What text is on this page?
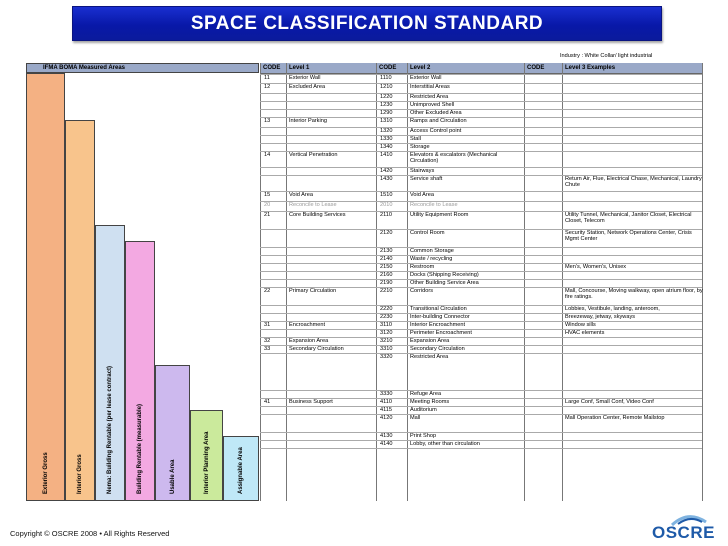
SPACE CLASSIFICATION STANDARD
Industry : White Collar/ light industrial
IFMA BOMA Measured Areas
Exterior Gross	Interior Gross	Nema: Building Rentable (per lease contract)	Building Rentable (measurable)	Usable Area	Interior Planning Area	Assignable Area
CODE Level 1	CODE Level 2	CODE	Level 3 Examples
11	Exterior Wall	1110	Exterior Wall
12	Excluded Area	1210	Interstitial Areas
1220	Restricted Area
1230	Unimproved Shell
1290	Other Excluded Area
13	Interior Parking	1310	Ramps and Circulation
1320	Access Control point
1330	Stall
1340	Storage
14	Vertical Penetration	1410	Elevators & escalators (Mechanical Circulation)
1420	Stairways
1430	Service shaft	Return Air, Flue, Electrical Chase, Mechanical, Laundry Chute
15	Void Area	1510	Void Area
20	Reconcile to Lease	2010	Reconcile to Lease
21	Core Building Services	2110	Utility Equipment Room	Utility Tunnel, Mechanical, Janitor Closet, Electrical Closet, Telecom
2120	Control Room	Security Station, Network Operations Center, Crisis Mgmt Center
2130	Common Storage
2140	Waste / recycling
2150	Restroom	Men's, Women's, Unisex
2160	Docks (Shipping Receiving)
2190	Other Building Service Area
22	Primary Circulation	2210	Corridors	Mall, Concourse, Moving walkway, open atrium floor, by fire ratings.
2220	Transitional Circulation	Lobbies, Vestibule, landing, anteroom,
2230	Inter-building Connector	Breezeway, jetway, skyways
31	Encroachment	3110	Interior Encroachment	Window sills
3120	Perimeter Encroachment	HVAC elements
32	Expansion Area	3210	Expansion Area
33	Secondary Circulation	3310	Secondary Circulation
3320	Restricted Area
3330	Refuge Area
41	Business Support	4110	Meeting Rooms	Large Conf, Small Conf, Video Conf
4115	Auditorium
4120	Mall	Mall Operation Center, Remote Mailstop
4130	Print Shop
4140	Lobby, other than circulation
Copyright © OSCRE 2008 • All Rights Reserved	OSCRE
